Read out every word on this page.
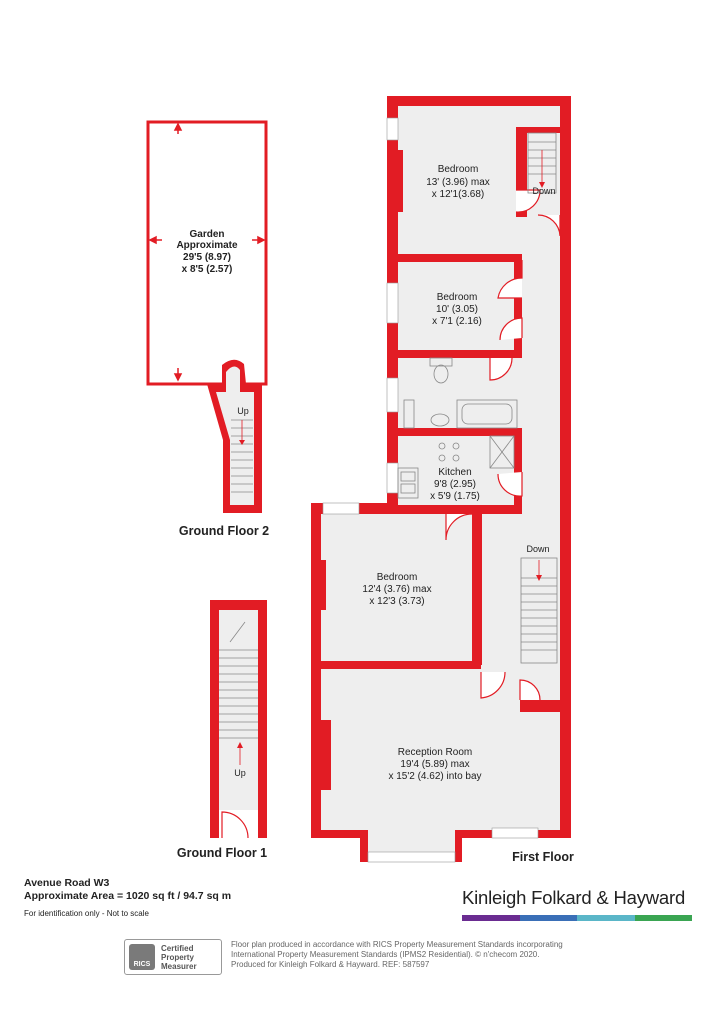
Up
Garden
Approximate
29'5 (8.97)
x 8'5 (2.57)
Ground Floor 2
Up
Ground Floor 1
Down
Down
Bedroom
13' (3.96) max
x 12'1(3.68)
Bedroom
10' (3.05)
x 7'1 (2.16)
Kitchen
9'8 (2.95)
x 5'9 (1.75)
Bedroom
12'4 (3.76) max
x 12'3 (3.73)
Reception Room
19'4 (5.89) max
x 15'2 (4.62) into bay
First Floor
Avenue Road W3
Approximate Area = 1020 sq ft / 94.7 sq m
For identification only - Not to scale
Kinleigh Folkard & Hayward
RICS
Certified
Property
Measurer
Floor plan produced in accordance with RICS Property Measurement Standards incorporating
International Property Measurement Standards (IPMS2 Residential). © n'checom 2020.
Produced for Kinleigh Folkard & Hayward. REF: 587597
